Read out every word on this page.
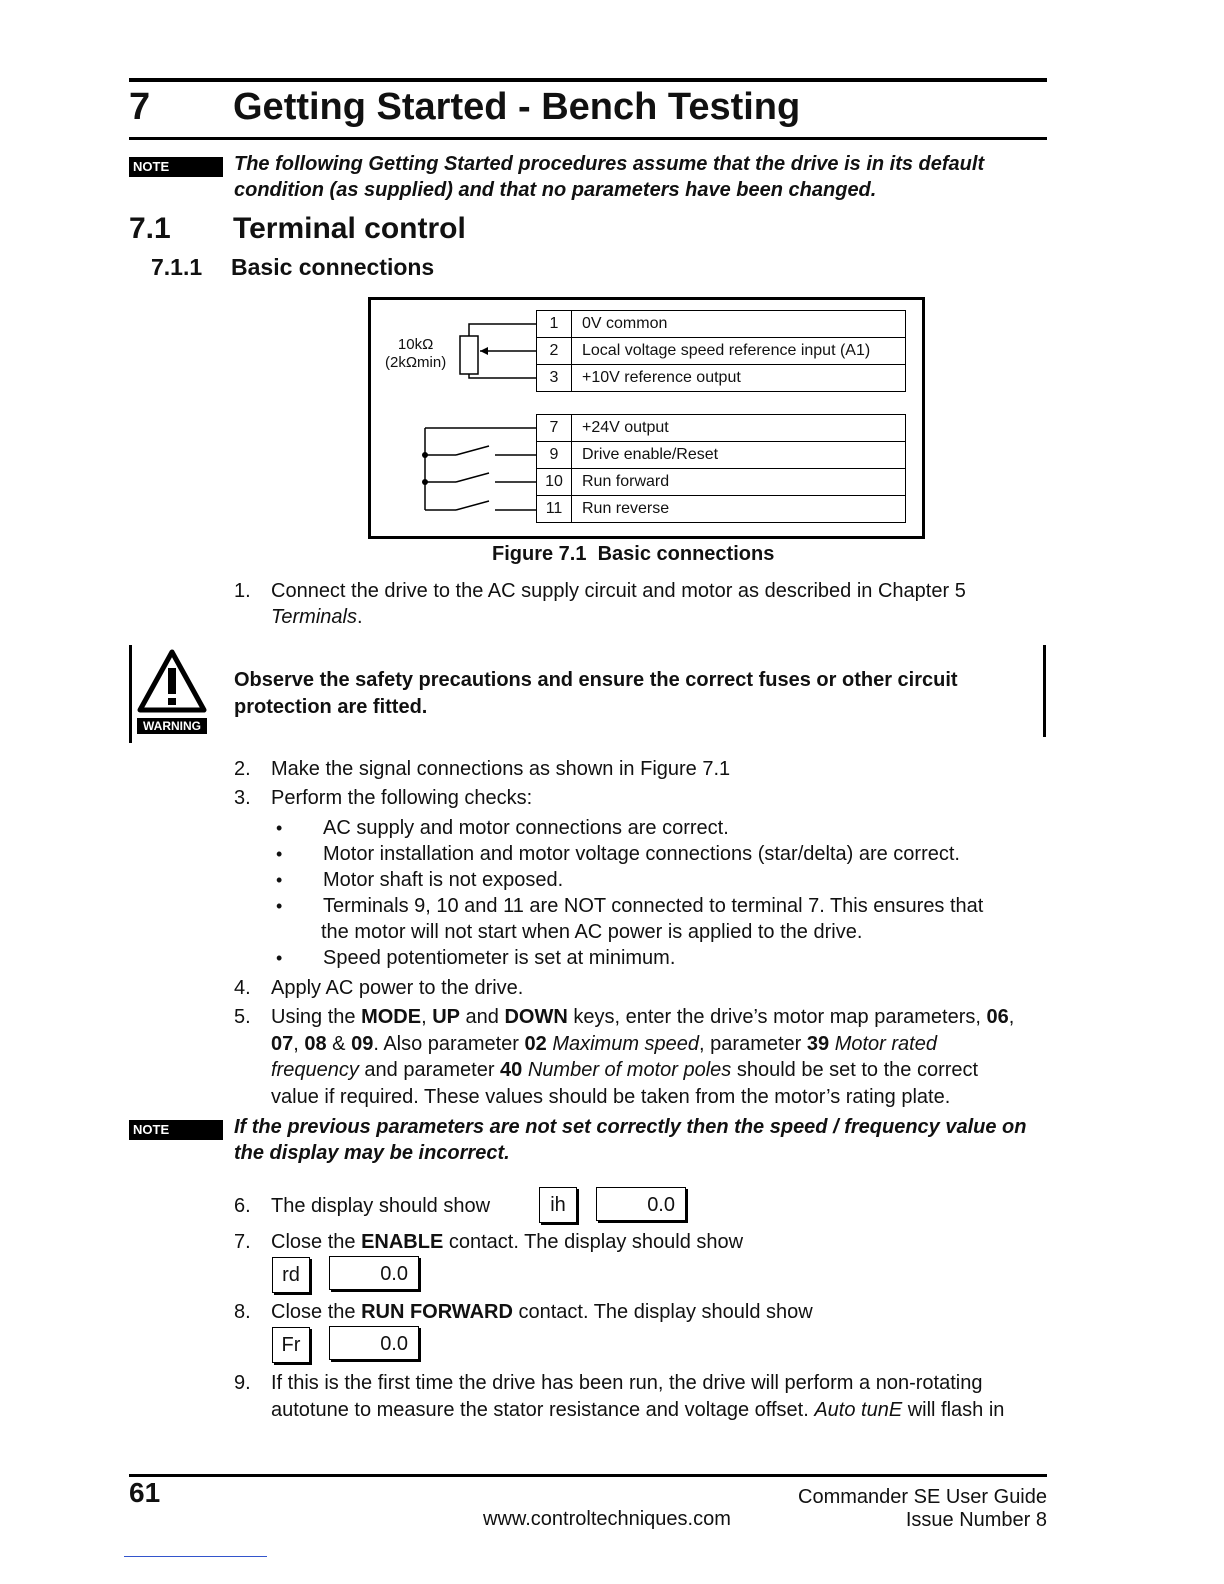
7 Getting Started - Bench Testing
NOTE	The following Getting Started procedures assume that the drive is in its default condition (as supplied) and that no parameters have been changed.
7.1 Terminal control
7.1.1 Basic connections
10kΩ
(2kΩmin)
1	0V common
2	Local voltage speed reference input (A1)
3	+10V reference output
7	+24V output
9	Drive enable/Reset
10	Run forward
11	Run reverse
Figure 7.1 Basic connections
1. Connect the drive to the AC supply circuit and motor as described in Chapter 5
Terminals.
WARNING
Observe the safety precautions and ensure the correct fuses or other circuit protection are fitted.
2. Make the signal connections as shown in Figure 7.1
3. Perform the following checks:
• AC supply and motor connections are correct.
• Motor installation and motor voltage connections (star/delta) are correct.
• Motor shaft is not exposed.
• Terminals 9, 10 and 11 are NOT connected to terminal 7. This ensures that
the motor will not start when AC power is applied to the drive.
• Speed potentiometer is set at minimum.
4. Apply AC power to the drive.
5. Using the MODE, UP and DOWN keys, enter the drive’s motor map parameters, 06,
07, 08 & 09. Also parameter 02 Maximum speed, parameter 39 Motor rated
frequency and parameter 40 Number of motor poles should be set to the correct
value if required. These values should be taken from the motor’s rating plate.
NOTE	If the previous parameters are not set correctly then the speed / frequency value on the display may be incorrect.
6. The display should show	ih	0.0
7. Close the ENABLE contact. The display should show
rd	0.0
8. Close the RUN FORWARD contact. The display should show
Fr	0.0
9. If this is the first time the drive has been run, the drive will perform a non-rotating
autotune to measure the stator resistance and voltage offset. Auto tunE will flash in
61
www.controltechniques.com
Commander SE User Guide
Issue Number 8
